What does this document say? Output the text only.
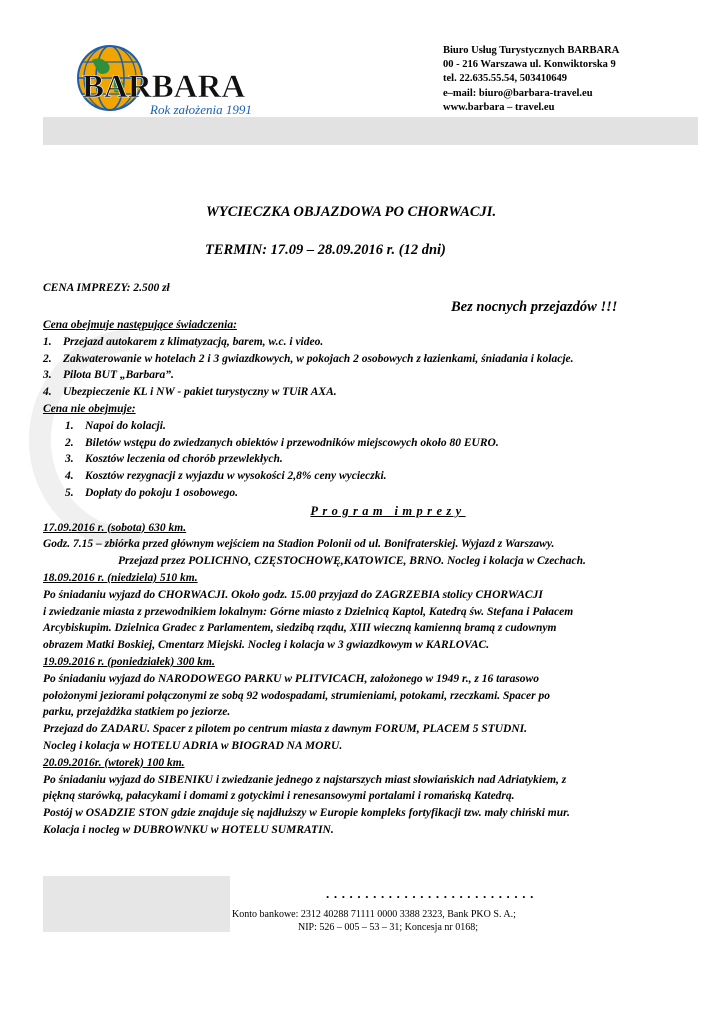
BARBARA
Rok założenia 1991
Biuro Usług Turystycznych BARBARA
00 - 216 Warszawa ul. Konwiktorska 9
tel. 22.635.55.54, 503410649
e–mail: biuro@barbara-travel.eu
www.barbara – travel.eu
WYCIECZKA OBJAZDOWA PO CHORWACJI.
TERMIN: 17.09 – 28.09.2016 r. (12 dni)
CENA IMPREZY: 2.500 zł
Bez nocnych przejazdów !!!
Cena obejmuje następujące świadczenia:
1. Przejazd autokarem z klimatyzacją, barem, w.c. i video.
2. Zakwaterowanie w hotelach 2 i 3 gwiazdkowych, w pokojach 2 osobowych z łazienkami, śniadania i kolacje.
3. Pilota BUT „Barbara”.
4. Ubezpieczenie KL i NW - pakiet turystyczny w TUiR AXA.
Cena nie obejmuje:
1. Napoi do kolacji.
2. Biletów wstępu do zwiedzanych obiektów i przewodników miejscowych około 80 EURO.
3. Kosztów leczenia od chorób przewlekłych.
4. Kosztów rezygnacji z wyjazdu w wysokości 2,8% ceny wycieczki.
5. Dopłaty do pokoju 1 osobowego.
Program imprezy
17.09.2016 r. (sobota) 630 km.
Godz. 7.15 – zbiórka przed głównym wejściem na Stadion Polonii od ul. Bonifraterskiej. Wyjazd z Warszawy.
Przejazd przez POLICHNO, CZĘSTOCHOWĘ,KATOWICE, BRNO. Nocleg i kolacja w Czechach.
18.09.2016 r. (niedziela) 510 km.
Po śniadaniu wyjazd do CHORWACJI. Około godz. 15.00 przyjazd do ZAGRZEBIA stolicy CHORWACJI
i zwiedzanie miasta z przewodnikiem lokalnym: Górne miasto z Dzielnicą Kaptol, Katedrą św. Stefana i Pałacem
Arcybiskupim. Dzielnica Gradec z Parlamentem, siedzibą rządu, XIII wieczną kamienną bramą z cudownym
obrazem Matki Boskiej, Cmentarz Miejski. Nocleg i kolacja w 3 gwiazdkowym w KARLOVAC.
19.09.2016 r. (poniedziałek) 300 km.
Po śniadaniu wyjazd do NARODOWEGO PARKU w PLITVICACH, założonego w 1949 r., z 16 tarasowo
położonymi jeziorami połączonymi ze sobą 92 wodospadami, strumieniami, potokami, rzeczkami. Spacer po
parku, przejażdżka statkiem po jeziorze.
Przejazd do ZADARU. Spacer z pilotem po centrum miasta z dawnym FORUM, PLACEM 5 STUDNI.
Nocleg i kolacja w HOTELU ADRIA w BIOGRAD NA MORU.
20.09.2016r. (wtorek) 100 km.
Po śniadaniu wyjazd do SIBENIKU i zwiedzanie jednego z najstarszych miast słowiańskich nad Adriatykiem, z
piękną starówką, pałacykami i domami z gotyckimi i renesansowymi portalami i romańską Katedrą.
Postój w OSADZIE STON gdzie znajduje się najdłuższy w Europie kompleks fortyfikacji tzw. mały chiński mur.
Kolacja i nocleg w DUBROWNKU w HOTELU SUMRATIN.
...........................
Konto bankowe: 2312 40288 71111 0000 3388 2323, Bank PKO S. A.;
NIP: 526 – 005 – 53 – 31; Koncesja nr 0168;
